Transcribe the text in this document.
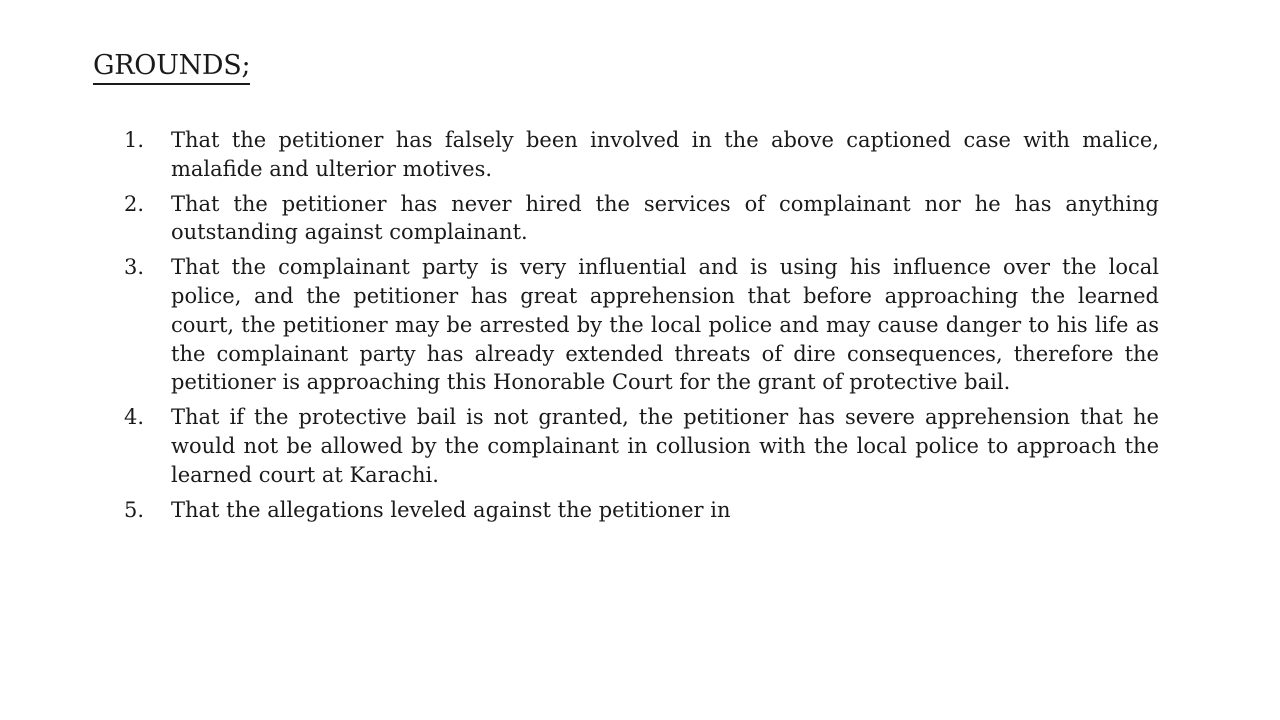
GROUNDS;
1. That the petitioner has falsely been involved in the above captioned case with malice, malafide and ulterior motives.
2. That the petitioner has never hired the services of complainant nor he has anything outstanding against complainant.
3. That the complainant party is very influential and is using his influence over the local police, and the petitioner has great apprehension that before approaching the learned court, the petitioner may be arrested by the local police and may cause danger to his life as the complainant party has already extended threats of dire consequences, therefore the petitioner is approaching this Honorable Court for the grant of protective bail.
4. That if the protective bail is not granted, the petitioner has severe apprehension that he would not be allowed by the complainant in collusion with the local police to approach the learned court at Karachi.
5. That the allegations leveled against the petitioner in
